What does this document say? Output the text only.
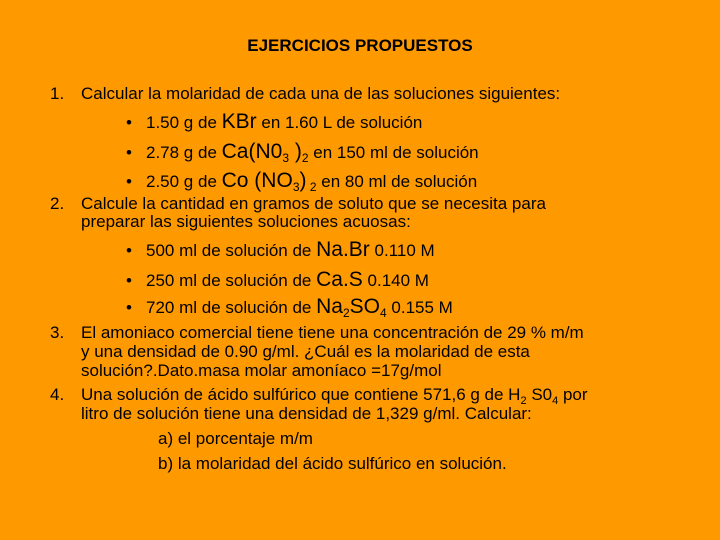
EJERCICIOS PROPUESTOS
1. Calcular la molaridad de cada una de las soluciones siguientes:
• 1.50 g de KBr en 1.60 L de solución
• 2.78 g de $Ca(N0_3$ )$_2$ en 150 ml de solución
• 2.50 g de Co $(NO_3)$ $_2$ en 80 ml de solución
2. Calcule la cantidad en gramos de soluto que se necesita para
preparar las siguientes soluciones acuosas:
• 500 ml de solución de Na.Br 0.110 M
• 250 ml de solución de Ca.S 0.140 M
• 720 ml de solución de $Na_2SO_4$ 0.155 M
3. El amoniaco comercial tiene tiene una concentración de 29 % m/m
y una densidad de 0.90 g/ml. ¿Cuál es la molaridad de esta
solución?.Dato.masa molar amoníaco =17g/mol
4. Una solución de ácido sulfúrico que contiene 571,6 g de $H_2$ $S0_4$ por
litro de solución tiene una densidad de 1,329 g/ml. Calcular:
a) el porcentaje m/m
b) la molaridad del ácido sulfúrico en solución.
